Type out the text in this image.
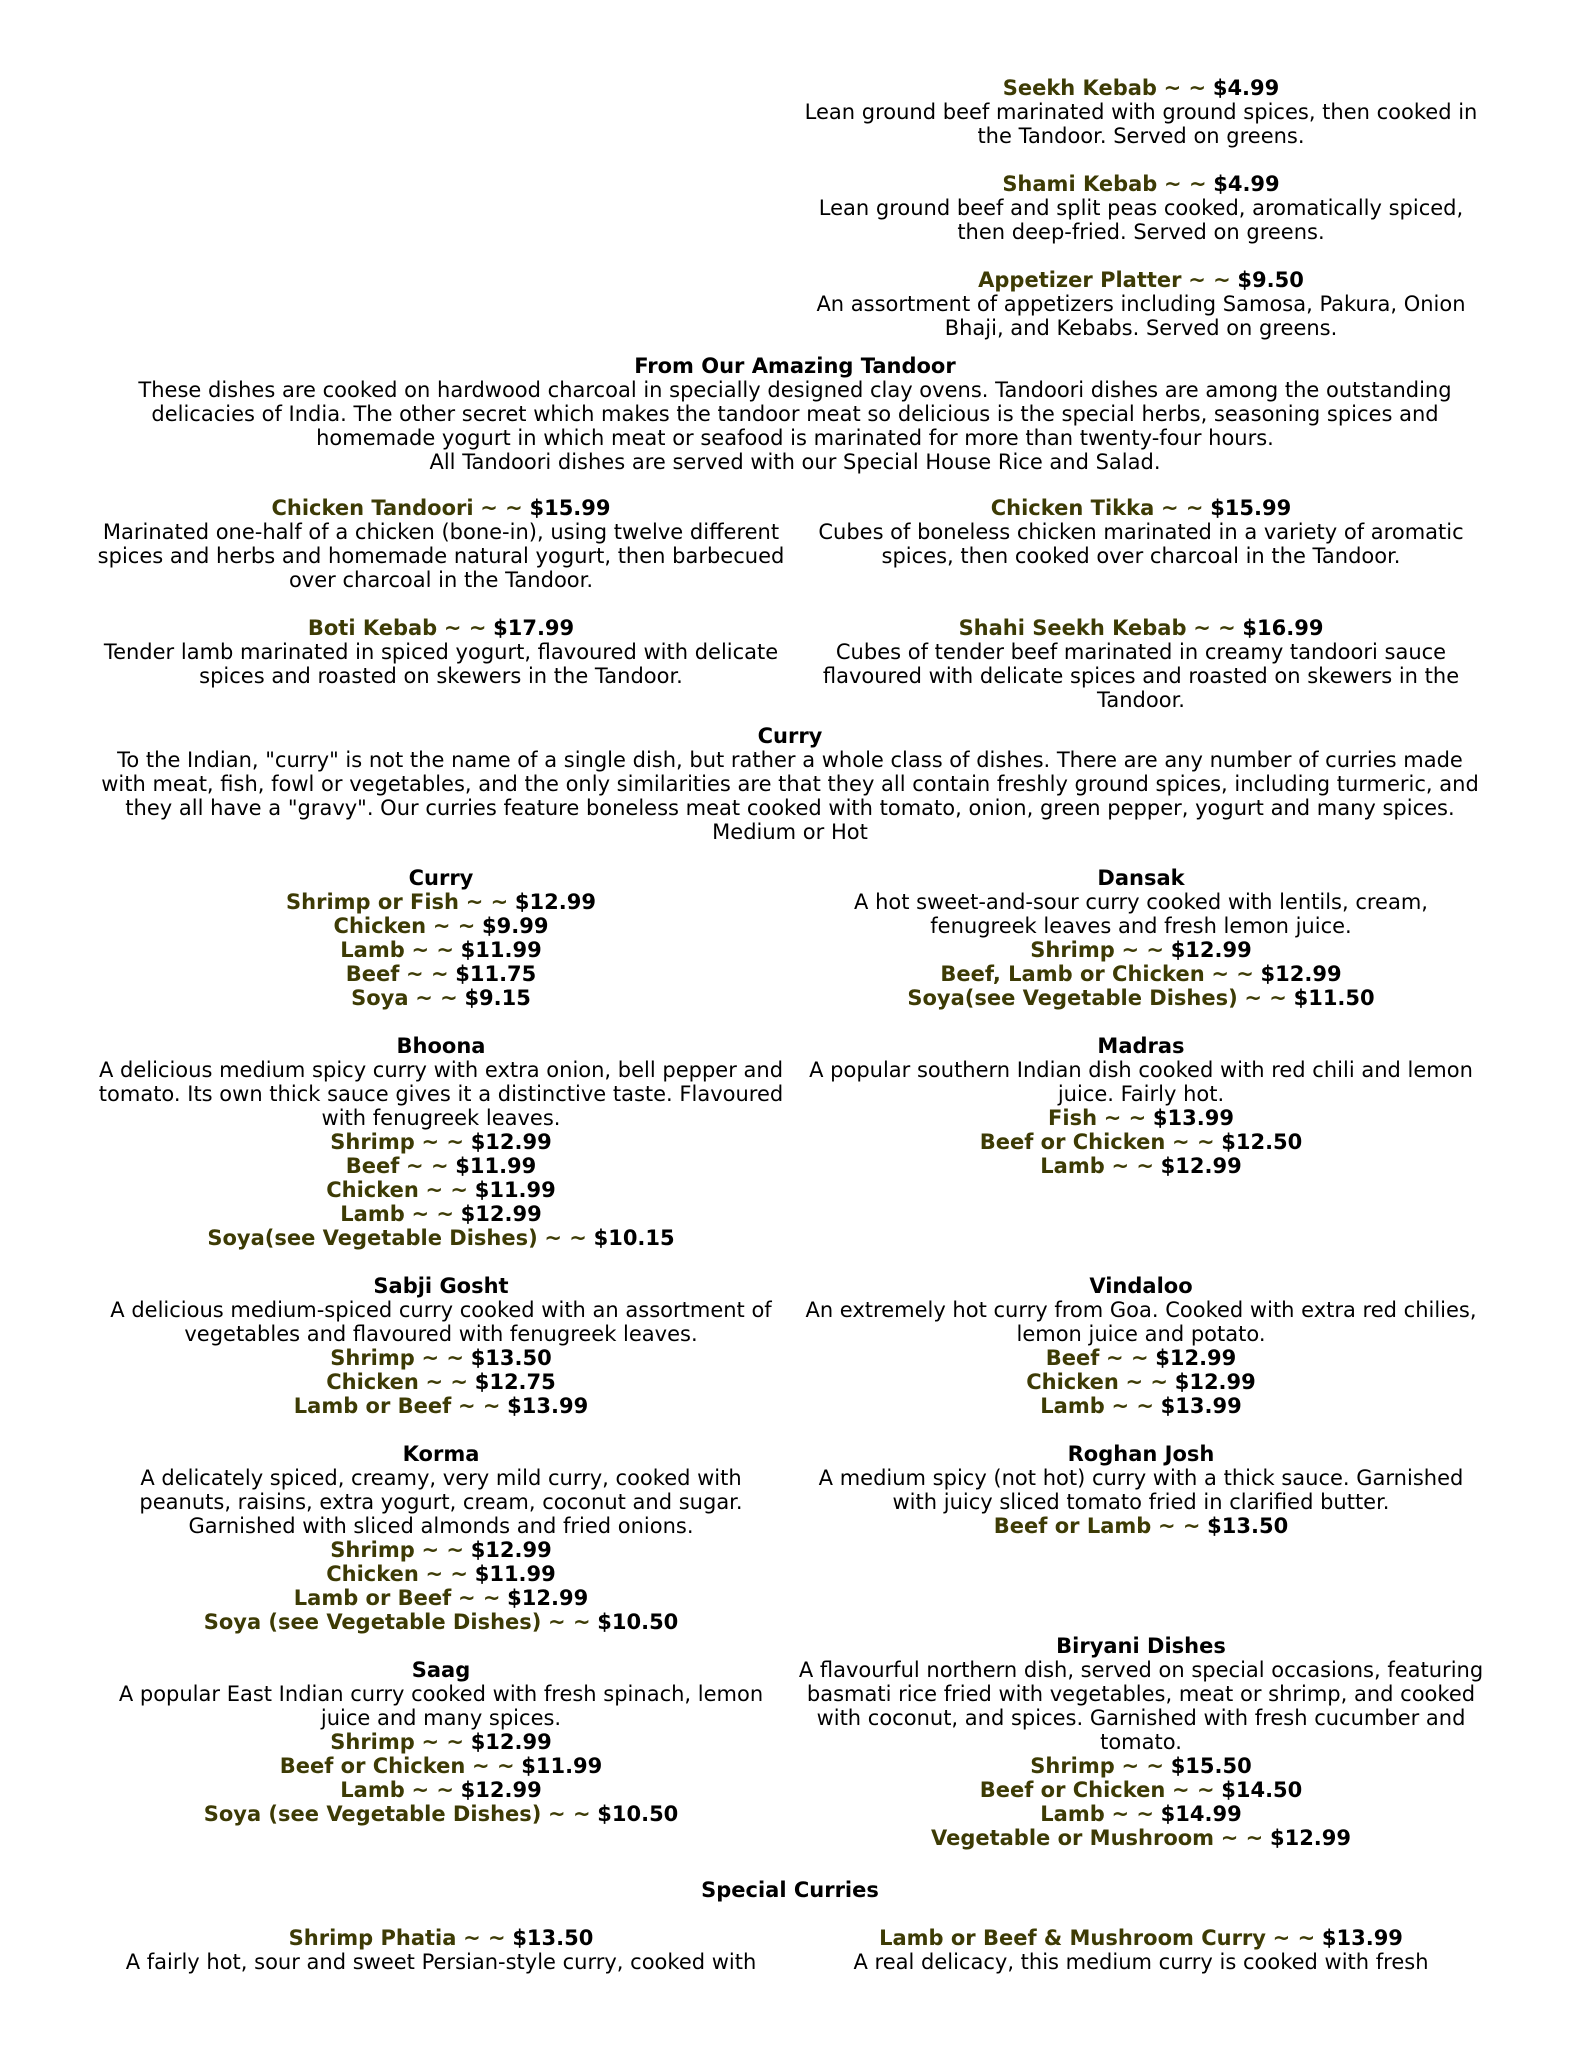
Seekh Kebab ~ ~ $4.99

Lean ground beef marinated with ground spices, then cooked in the Tandoor. Served on greens.

Shami Kebab ~ ~ $4.99

Lean ground beef and split peas cooked, aromatically spiced, then deep-fried. Served on greens.

Appetizer Platter ~ ~ $9.50

An assortment of appetizers including Samosa, Pakura, Onion Bhaji, and Kebabs. Served on greens.

From Our Amazing Tandoor

These dishes are cooked on hardwood charcoal in specially designed clay ovens. Tandoori dishes are among the outstanding delicacies of India. The other secret which makes the tandoor meat so delicious is the special herbs, seasoning spices and homemade yogurt in which meat or seafood is marinated for more than twenty-four hours.

All Tandoori dishes are served with our Special House Rice and Salad.

Chicken Tandoori ~ ~ $15.99

Marinated one-half of a chicken (bone-in), using twelve different spices and herbs and homemade natural yogurt, then barbecued over charcoal in the Tandoor.

Boti Kebab ~ ~ $17.99

Tender lamb marinated in spiced yogurt, flavoured with delicate spices and roasted on skewers in the Tandoor.

Chicken Tikka ~ ~ $15.99

Cubes of boneless chicken marinated in a variety of aromatic spices, then cooked over charcoal in the Tandoor.

Shahi Seekh Kebab ~ ~ $16.99

Cubes of tender beef marinated in creamy tandoori sauce flavoured with delicate spices and roasted on skewers in the Tandoor.

Curry

To the Indian, "curry" is not the name of a single dish, but rather a whole class of dishes. There are any number of curries made with meat, fish, fowl or vegetables, and the only similarities are that they all contain freshly ground spices, including turmeric, and they all have a "gravy". Our curries feature boneless meat cooked with tomato, onion, green pepper, yogurt and many spices. Medium or Hot

Curry
Shrimp or Fish ~ ~ $12.99
Chicken ~ ~ $9.99
Lamb ~ ~ $11.99
Beef ~ ~ $11.75
Soya ~ ~ $9.15
Bhoona

A delicious medium spicy curry with extra onion, bell pepper and tomato. Its own thick sauce gives it a distinctive taste. Flavoured with fenugreek leaves.

Shrimp ~ ~ $12.99
Beef ~ ~ $11.99
Chicken ~ ~ $11.99
Lamb ~ ~ $12.99
Soya(see Vegetable Dishes) ~ ~ $10.15
Sabji Gosht

A delicious medium-spiced curry cooked with an assortment of vegetables and flavoured with fenugreek leaves.

Shrimp ~ ~ $13.50
Chicken ~ ~ $12.75
Lamb or Beef ~ ~ $13.99
Korma

A delicately spiced, creamy, very mild curry, cooked with peanuts, raisins, extra yogurt, cream, coconut and sugar. Garnished with sliced almonds and fried onions.

Shrimp ~ ~ $12.99
Chicken ~ ~ $11.99
Lamb or Beef ~ ~ $12.99
Soya (see Vegetable Dishes) ~ ~ $10.50
Saag

A popular East Indian curry cooked with fresh spinach, lemon juice and many spices.

Shrimp ~ ~ $12.99
Beef or Chicken ~ ~ $11.99
Lamb ~ ~ $12.99
Soya (see Vegetable Dishes) ~ ~ $10.50
Dansak

A hot sweet-and-sour curry cooked with lentils, cream, fenugreek leaves and fresh lemon juice.

Shrimp ~ ~ $12.99
Beef, Lamb or Chicken ~ ~ $12.99
Soya(see Vegetable Dishes) ~ ~ $11.50
Madras

A popular southern Indian dish cooked with red chili and lemon juice. Fairly hot.

Fish ~ ~ $13.99
Beef or Chicken ~ ~ $12.50
Lamb ~ ~ $12.99
Vindaloo

An extremely hot curry from Goa. Cooked with extra red chilies, lemon juice and potato.

Beef ~ ~ $12.99
Chicken ~ ~ $12.99
Lamb ~ ~ $13.99
Roghan Josh

A medium spicy (not hot) curry with a thick sauce. Garnished with juicy sliced tomato fried in clarified butter.

Beef or Lamb ~ ~ $13.50
Biryani Dishes

A flavourful northern dish, served on special occasions, featuring basmati rice fried with vegetables, meat or shrimp, and cooked with coconut, and spices. Garnished with fresh cucumber and tomato.

Shrimp ~ ~ $15.50
Beef or Chicken ~ ~ $14.50
Lamb ~ ~ $14.99
Vegetable or Mushroom ~ ~ $12.99
Special Curries
Shrimp Phatia ~ ~ $13.50

A fairly hot, sour and sweet Persian-style curry, cooked with

Lamb or Beef & Mushroom Curry ~ ~ $13.99

A real delicacy, this medium curry is cooked with fresh
